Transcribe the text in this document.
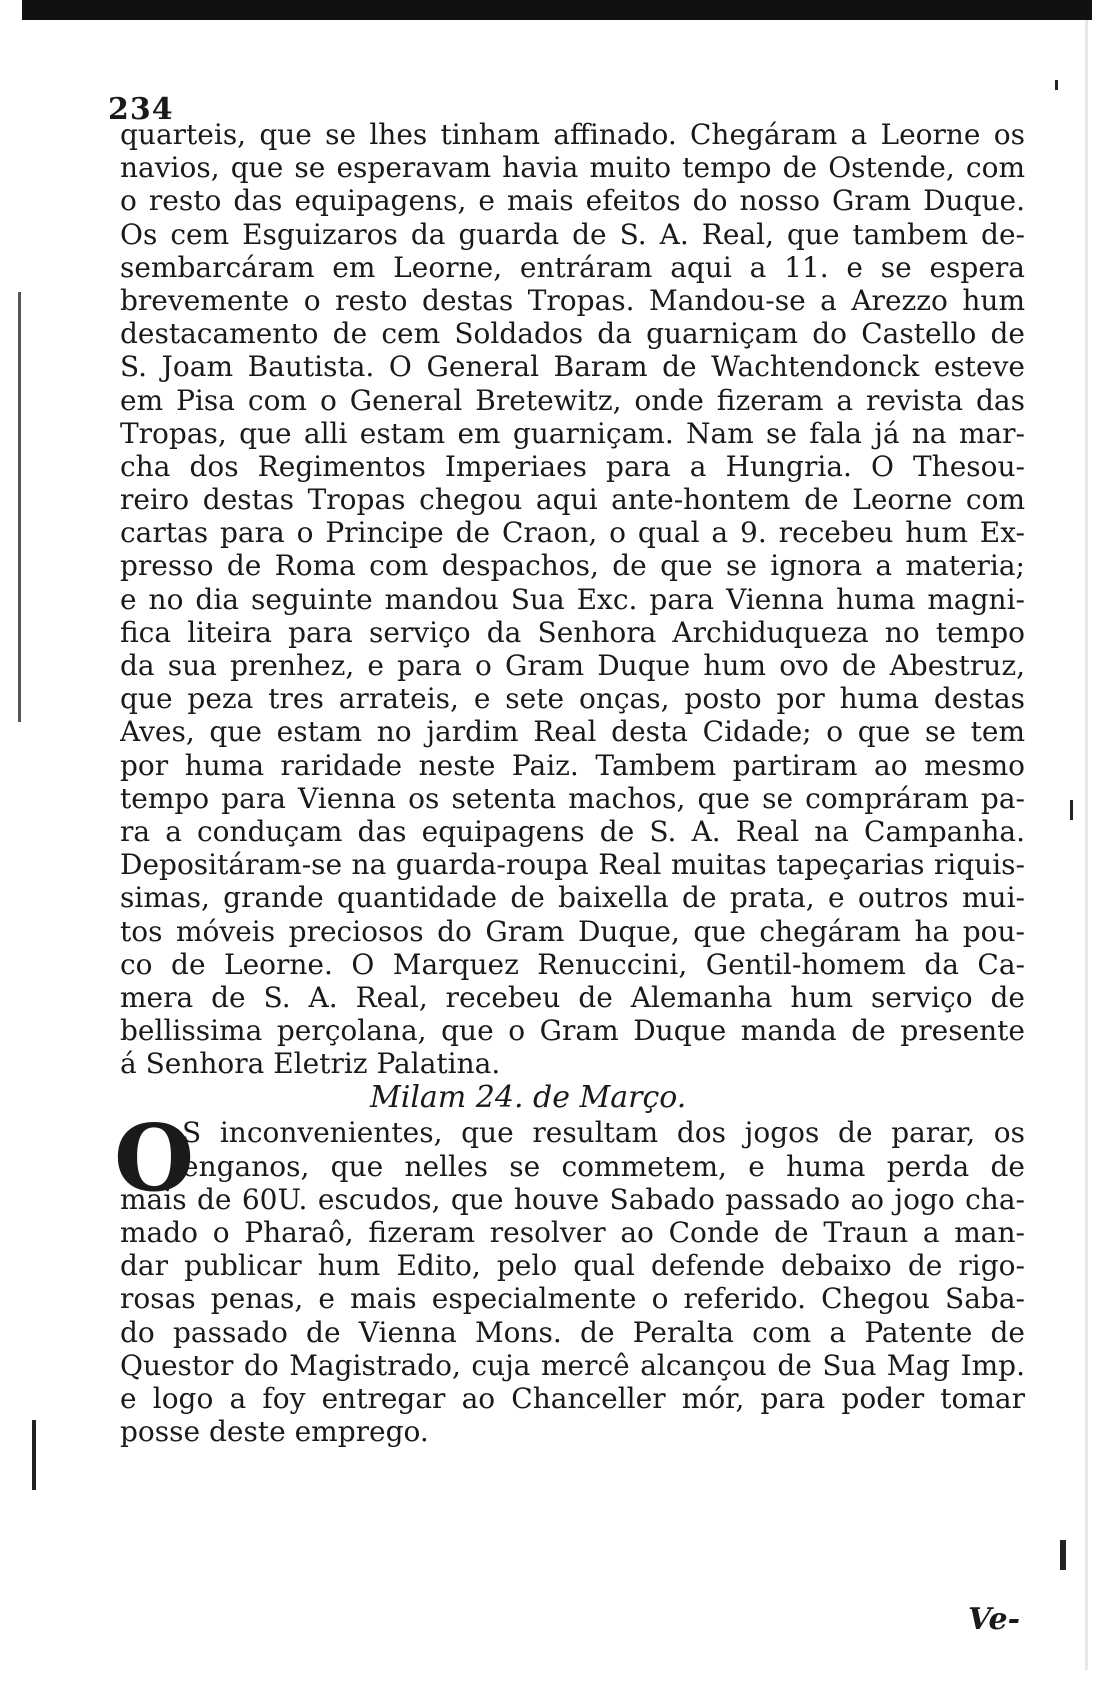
234
quarteis, que se lhes tinham affinado. Chegáram a Leorne os
navios, que se esperavam havia muito tempo de Ostende, com
o resto das equipagens, e mais efeitos do nosso Gram Duque.
Os cem Esguizaros da guarda de S. A. Real, que tambem de-
sembarcáram em Leorne, entráram aqui a 11. e se espera
brevemente o resto destas Tropas. Mandou-se a Arezzo hum
destacamento de cem Soldados da guarniçam do Castello de
S. Joam Bautista. O General Baram de Wachtendonck esteve
em Pisa com o General Bretewitz, onde fizeram a revista das
Tropas, que alli estam em guarniçam. Nam se fala já na mar-
cha dos Regimentos Imperiaes para a Hungria. O Thesou-
reiro destas Tropas chegou aqui ante-hontem de Leorne com
cartas para o Principe de Craon, o qual a 9. recebeu hum Ex-
presso de Roma com despachos, de que se ignora a materia;
e no dia seguinte mandou Sua Exc. para Vienna huma magni-
fica liteira para serviço da Senhora Archiduqueza no tempo
da sua prenhez, e para o Gram Duque hum ovo de Abestruz,
que peza tres arrateis, e sete onças, posto por huma destas
Aves, que estam no jardim Real desta Cidade; o que se tem
por huma raridade neste Paiz. Tambem partiram ao mesmo
tempo para Vienna os setenta machos, que se compráram pa-
ra a conduçam das equipagens de S. A. Real na Campanha.
Depositáram-se na guarda-roupa Real muitas tapeçarias riquis-
simas, grande quantidade de baixella de prata, e outros mui-
tos móveis preciosos do Gram Duque, que chegáram ha pou-
co de Leorne. O Marquez Renuccini, Gentil-homem da Ca-
mera de S. A. Real, recebeu de Alemanha hum serviço de
bellissima perçolana, que o Gram Duque manda de presente
á Senhora Eletriz Palatina.
Milam 24. de Março.
O
S inconvenientes, que resultam dos jogos de parar, os
enganos, que nelles se commetem, e huma perda de
mais de 60U. escudos, que houve Sabado passado ao jogo cha-
mado o Pharaô, fizeram resolver ao Conde de Traun a man-
dar publicar hum Edito, pelo qual defende debaixo de rigo-
rosas penas, e mais especialmente o referido. Chegou Saba-
do passado de Vienna Mons. de Peralta com a Patente de
Questor do Magistrado, cuja mercê alcançou de Sua Mag Imp.
e logo a foy entregar ao Chanceller mór, para poder tomar
posse deste emprego.
Ve-
